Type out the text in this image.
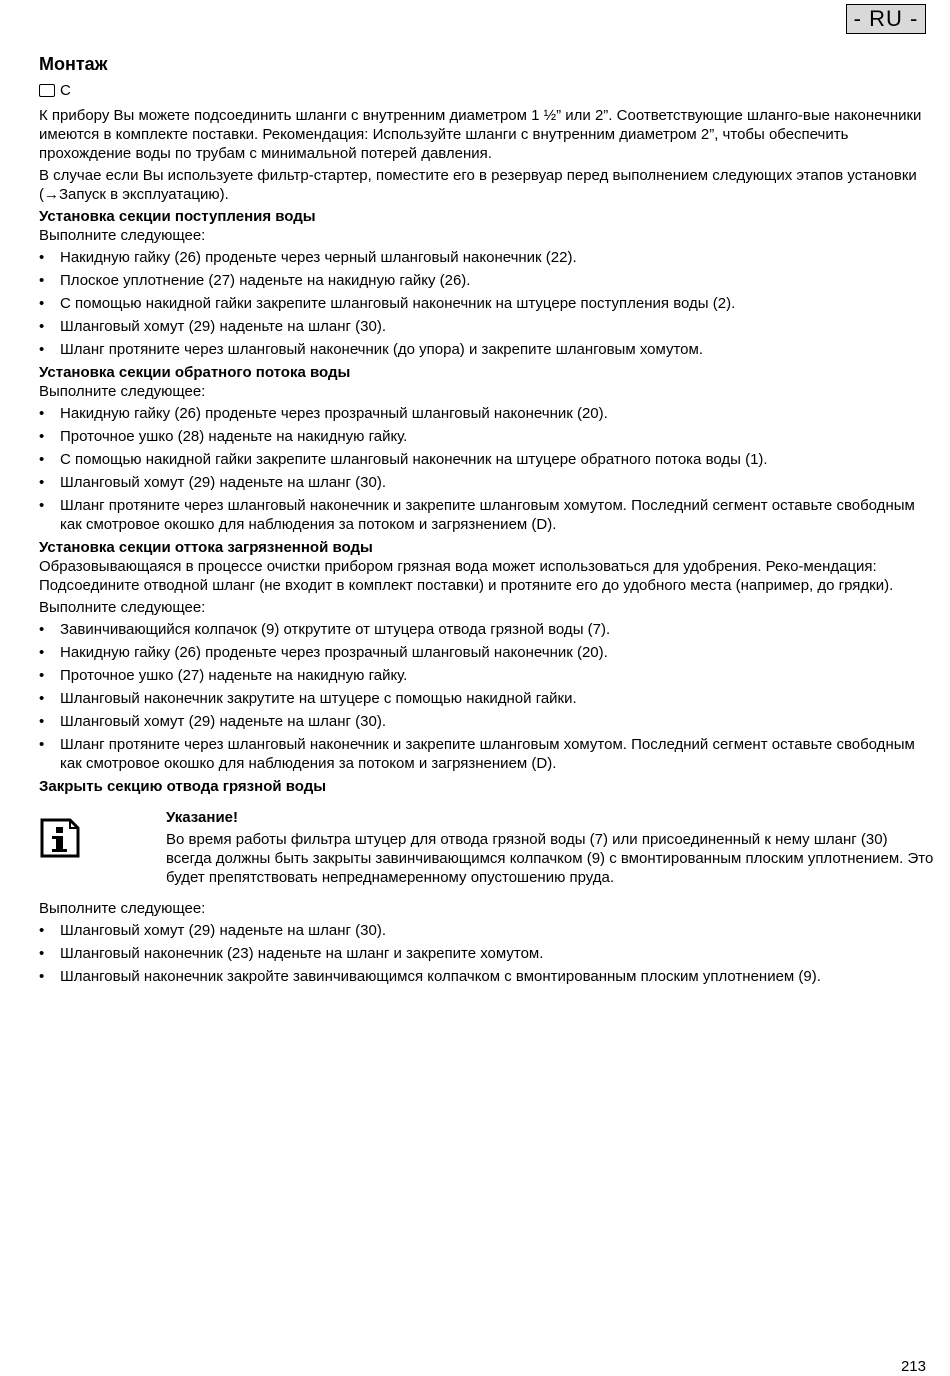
- RU -
Монтаж
C

К прибору Вы можете подсоединить шланги с внутренним диаметром 1 ½” или 2”. Соответствующие шланго-вые наконечники имеются в комплекте поставки. Рекомендация: Используйте шланги с внутренним диаметром 2”, чтобы обеспечить прохождение воды по трубам с минимальной потерей давления.

В случае если Вы используете фильтр-стартер, поместите его в резервуар перед выполнением следующих этапов установки (→Запуск в эксплуатацию).

Установка секции поступления воды

Выполните следующее:

• Накидную гайку (26) проденьте через черный шланговый наконечник (22).
• Плоское уплотнение (27) наденьте на накидную гайку (26).
• С помощью накидной гайки закрепите шланговый наконечник на штуцере поступления воды (2).
• Шланговый хомут (29) наденьте на шланг (30).
• Шланг протяните через шланговый наконечник (до упора) и закрепите шланговым хомутом.
Установка секции обратного потока воды

Выполните следующее:

• Накидную гайку (26) проденьте через прозрачный шланговый наконечник (20).
• Проточное ушко (28) наденьте на накидную гайку.
• С помощью накидной гайки закрепите шланговый наконечник на штуцере обратного потока воды (1).
• Шланговый хомут (29) наденьте на шланг (30).
• Шланг протяните через шланговый наконечник и закрепите шланговым хомутом. Последний сегмент оставьте свободным как смотровое окошко для наблюдения за потоком и загрязнением (D).
Установка секции оттока загрязненной воды

Образовывающаяся в процессе очистки прибором грязная вода может использоваться для удобрения. Реко-мендация: Подсоедините отводной шланг (не входит в комплект поставки) и протяните его до удобного места (например, до грядки).

Выполните следующее:

• Завинчивающийся колпачок (9) открутите от штуцера отвода грязной воды (7).
• Накидную гайку (26) проденьте через прозрачный шланговый наконечник (20).
• Проточное ушко (27) наденьте на накидную гайку.
• Шланговый наконечник закрутите на штуцере с помощью накидной гайки.
• Шланговый хомут (29) наденьте на шланг (30).
• Шланг протяните через шланговый наконечник и закрепите шланговым хомутом. Последний сегмент оставьте свободным как смотровое окошко для наблюдения за потоком и загрязнением (D).
Закрыть секцию отвода грязной воды
Указание!

Во время работы фильтра штуцер для отвода грязной воды (7) или присоединенный к нему шланг (30) всегда должны быть закрыты завинчивающимся колпачком (9) с вмонтированным плоским уплотнением. Это будет препятствовать непреднамеренному опустошению пруда.

Выполните следующее:

• Шланговый хомут (29) наденьте на шланг (30).
• Шланговый наконечник (23) наденьте на шланг и закрепите хомутом.
• Шланговый наконечник закройте завинчивающимся колпачком с вмонтированным плоским уплотнением (9).
213
